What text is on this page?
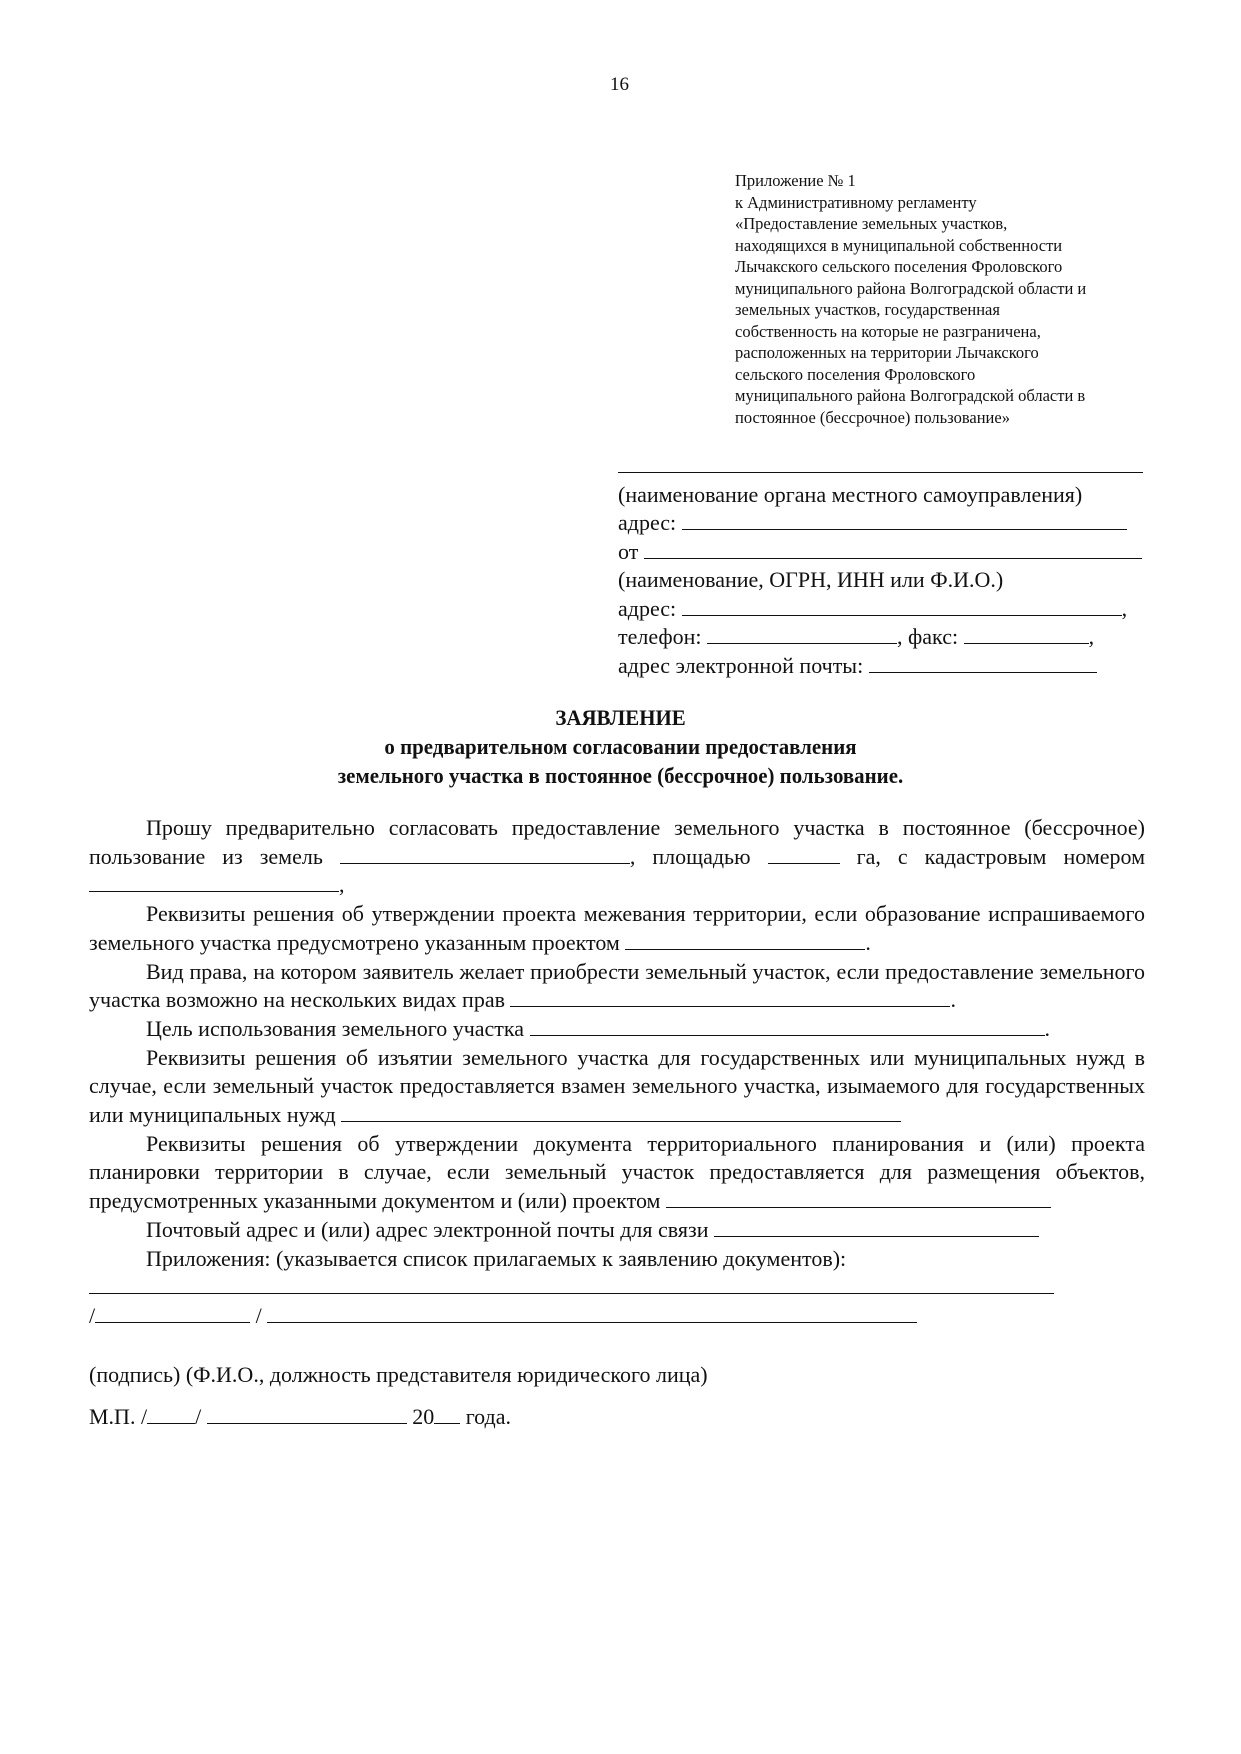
16
Приложение № 1
к Административному регламенту
«Предоставление земельных участков,
находящихся в муниципальной собственности
Лычакского сельского поселения Фроловского
муниципального района Волгоградской области и
земельных участков, государственная
собственность на которые не разграничена,
расположенных на территории Лычакского
сельского поселения Фроловского
муниципального района Волгоградской области в
постоянное (бессрочное) пользование»
(наименование органа местного самоуправления)
адрес:
от
(наименование, ОГРН, ИНН или Ф.И.О.)
адрес:	,
телефон:	, факс:	,
адрес электронной почты:
ЗАЯВЛЕНИЕ
о предварительном согласовании предоставления
земельного участка в постоянное (бессрочное) пользование.
Прошу предварительно согласовать предоставление земельного участка в постоянное (бессрочное) пользование из земель	, площадью	га, с кадастровым номером ,
Реквизиты решения об утверждении проекта межевания территории, если образование испрашиваемого земельного участка предусмотрено указанным проектом	.
Вид права, на котором заявитель желает приобрести земельный участок, если предоставление земельного участка возможно на нескольких видах прав	.
Цель использования земельного участка	.
Реквизиты решения об изъятии земельного участка для государственных или муниципальных нужд в случае, если земельный участок предоставляется взамен земельного участка, изымаемого для государственных или муниципальных нужд
Реквизиты решения об утверждении документа территориального планирования и (или) проекта планировки территории в случае, если земельный участок предоставляется для размещения объектов, предусмотренных указанными документом и (или) проектом
Почтовый адрес и (или) адрес электронной почты для связи
Приложения: (указывается список прилагаемых к заявлению документов):
/	/
(подпись) (Ф.И.О., должность представителя юридического лица)
М.П. / /	20 года.
